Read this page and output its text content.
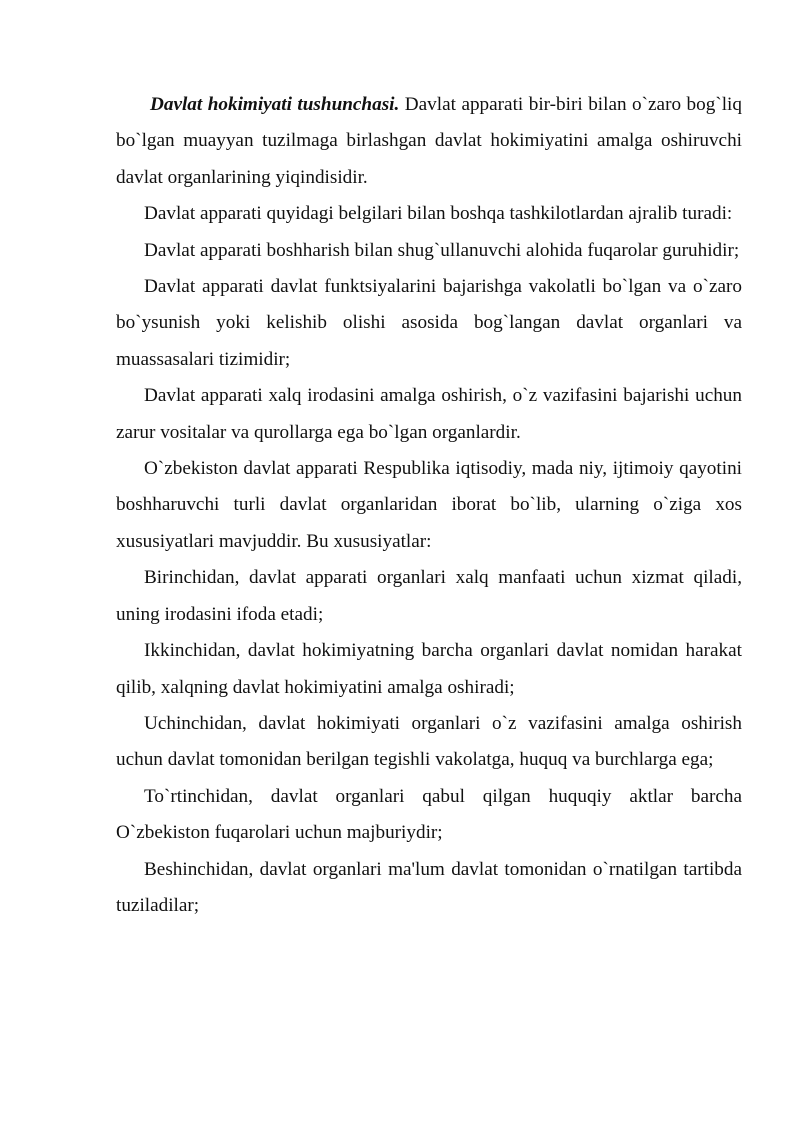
Davlat hokimiyati tushunchasi. Davlat apparati bir-biri bilan o`zaro bog`liq bo`lgan muayyan tuzilmaga birlashgan davlat hokimiyatini amalga oshiruvchi davlat organlarining yiqindisidir.

Davlat apparati quyidagi belgilari bilan boshqa tashkilotlardan ajralib turadi:

Davlat apparati boshharish bilan shug`ullanuvchi alohida fuqarolar guruhidir;

Davlat apparati davlat funktsiyalarini bajarishga vakolatli bo`lgan va o`zaro bo`ysunish yoki kelishib olishi asosida bog`langan davlat organlari va muassasalari tizimidir;

Davlat apparati xalq irodasini amalga oshirish, o`z vazifasini bajarishi uchun zarur vositalar va qurollarga ega bo`lgan organlardir.

O`zbekiston davlat apparati Respublika iqtisodiy, mada niy, ijtimoiy qayotini boshharuvchi turli davlat organlaridan iborat bo`lib, ularning o`ziga xos xususiyatlari mavjuddir. Bu xususiyatlar:

Birinchidan, davlat apparati organlari xalq manfaati uchun xizmat qiladi, uning irodasini ifoda etadi;

Ikkinchidan, davlat hokimiyatning barcha organlari davlat nomidan harakat qilib, xalqning davlat hokimiyatini amalga oshiradi;

Uchinchidan, davlat hokimiyati organlari o`z vazifasini amalga oshirish uchun davlat tomonidan berilgan tegishli vakolatga, huquq va burchlarga ega;

To`rtinchidan, davlat organlari qabul qilgan huquqiy aktlar barcha O`zbekiston fuqarolari uchun majburiydir;

Beshinchidan, davlat organlari ma'lum davlat tomonidan o`rnatilgan tartibda tuziladilar;
